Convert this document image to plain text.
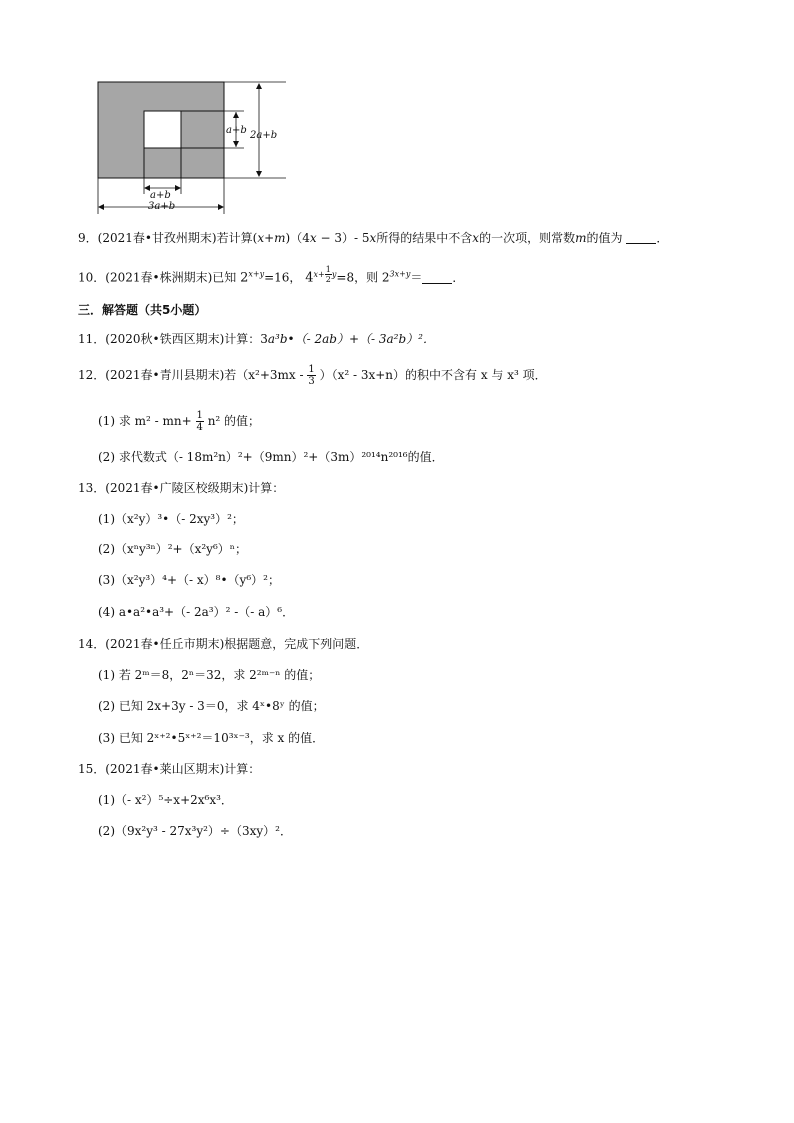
a+b 2a+b
a+b
3a+b
9．(2021春•甘孜州期末)若计算(x+m)（4x − 3）- 5x所得的结果中不含x的一次项，则常数m的值为	．
10．(2021春•株洲期末)已知 $2^{x+y}=16$， $4^{x+ \frac{1}{2} y}=8$，则 $2^{3x+y}=$	．
三．解答题（共5小题）
11．(2020秋•铁西区期末)计算：3a³b•（- 2ab）+（- 3a²b）²．
12．(2021春•青川县期末)若$(x^2+3mx - \frac{1}{3} )(x^2 - 3x+n)$的积中不含有 x 与 x³ 项．
(1) 求 $m^2 - mn+ \frac{1}{4} n^2$ 的值；
(2) 求代数式（- 18m²n）²+（9mn）²+（3m）²⁰¹⁴n²⁰¹⁶的值．
13．(2021春•广陵区校级期末)计算：
(1)（x²y）³•（- 2xy³）²；
(2)（xⁿy³ⁿ）²+（x²y⁶）ⁿ；
(3)（x²y³）⁴+（- x）⁸•（y⁶）²；
(4) a•a²•a³+（- 2a³）² -（- a）⁶．
14．(2021春•任丘市期末)根据题意，完成下列问题．
(1) 若 2ᵐ＝8，2ⁿ＝32，求 2²ᵐ⁻ⁿ 的值；
(2) 已知 2x+3y - 3＝0，求 4ˣ•8ʸ 的值；
(3) 已知 2ˣ⁺²•5ˣ⁺²＝10³ˣ⁻³，求 x 的值．
15．(2021春•莱山区期末)计算：
(1)（- x²）⁵÷x+2x⁶x³．
(2)（9x²y³ - 27x³y²）÷（3xy）²．
